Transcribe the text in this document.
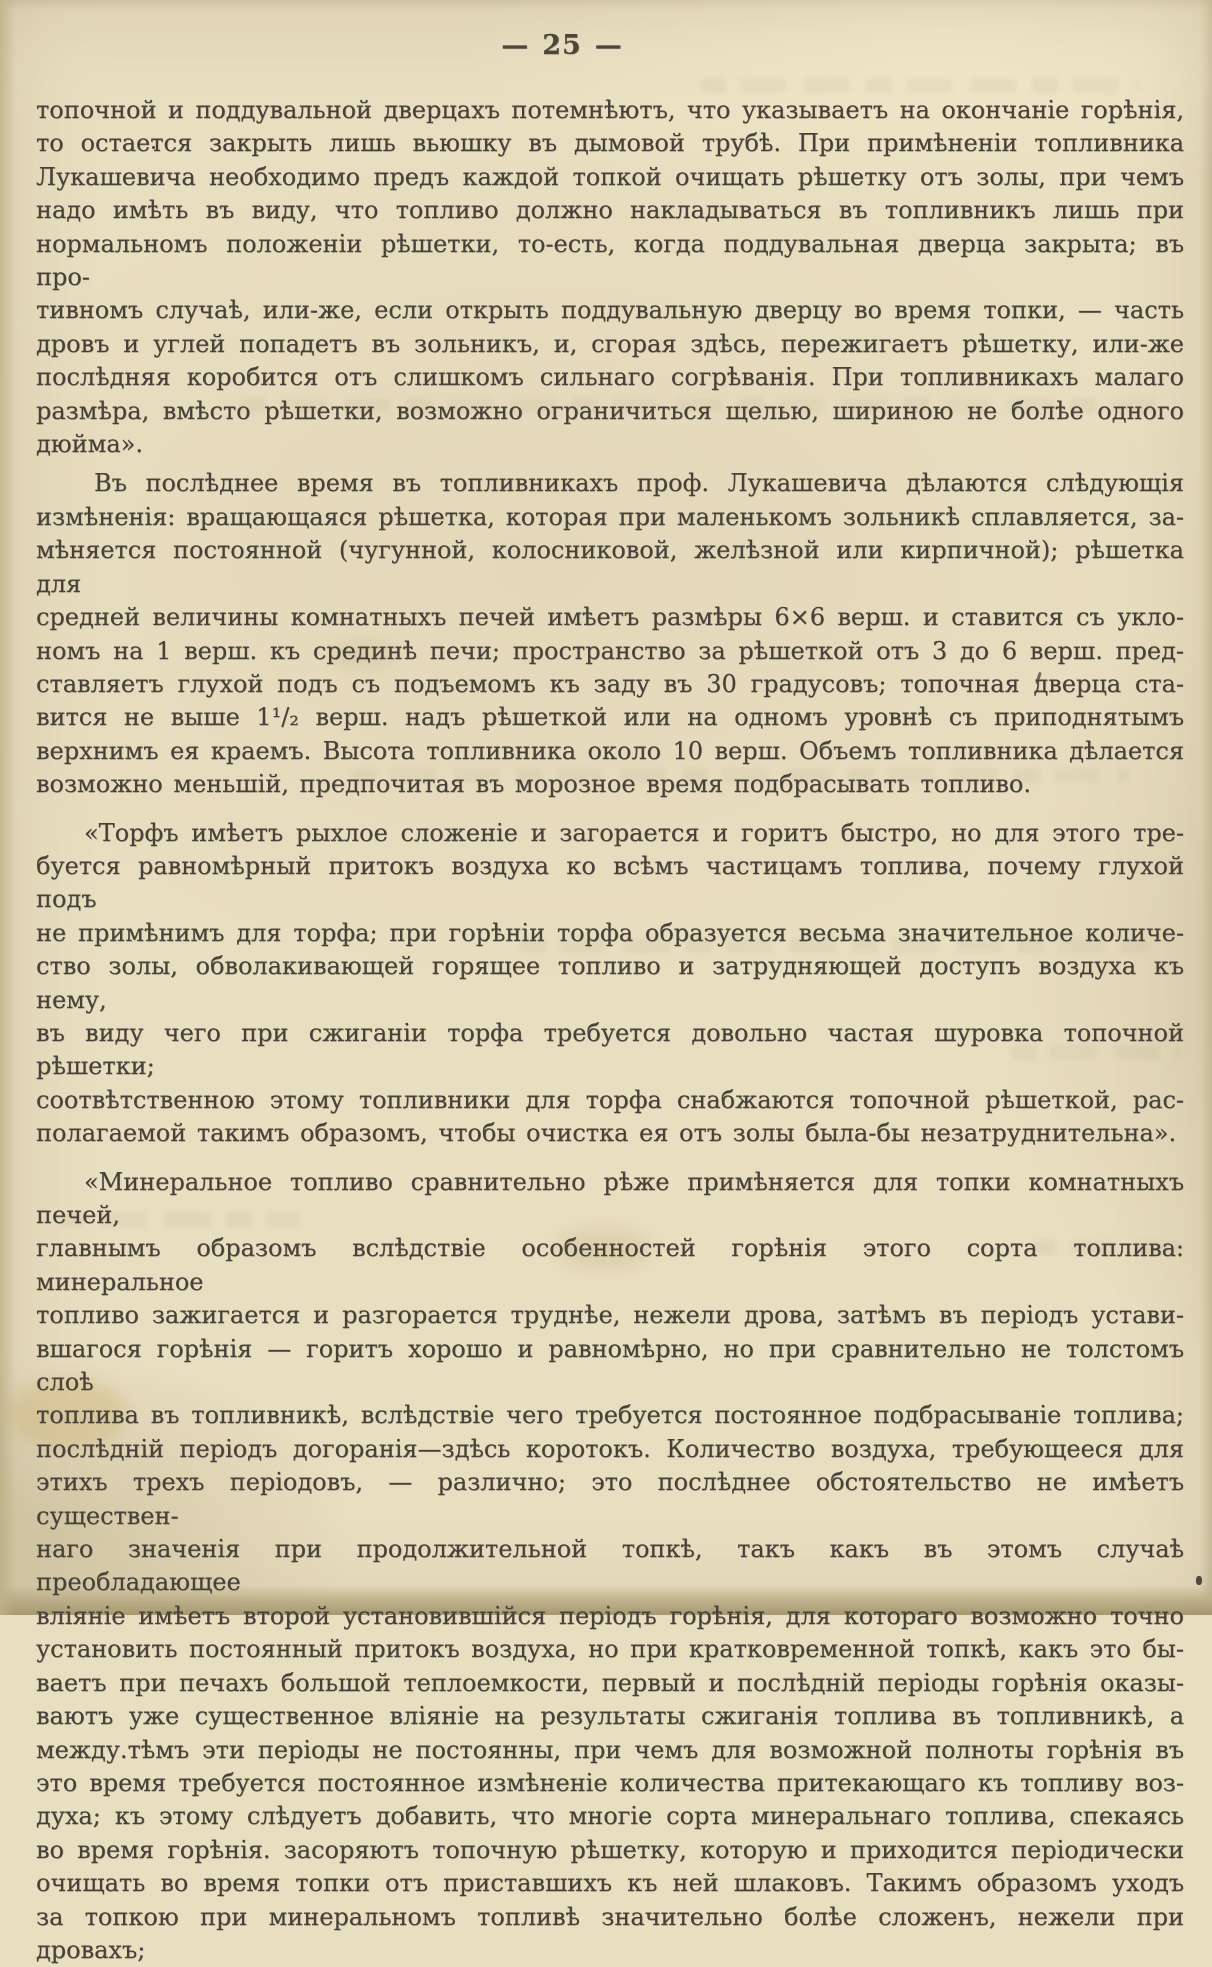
— 25 —
топочной и поддувальной дверцахъ потемнѣютъ, что указываетъ на окончаніе горѣнія,
то остается закрыть лишь вьюшку въ дымовой трубѣ. При примѣненіи топливника
Лукашевича необходимо предъ каждой топкой очищать рѣшетку отъ золы, при чемъ
надо имѣть въ виду, что топливо должно накладываться въ топливникъ лишь при
нормальномъ положеніи рѣшетки, то-есть, когда поддувальная дверца закрыта; въ про-
тивномъ случаѣ, или-же, если открыть поддувальную дверцу во время топки, — часть
дровъ и углей попадетъ въ зольникъ, и, сгорая здѣсь, пережигаетъ рѣшетку, или-же
послѣдняя коробится отъ слишкомъ сильнаго согрѣванія. При топливникахъ малаго
размѣра, вмѣсто рѣшетки, возможно ограничиться щелью, шириною не болѣе одного
дюйма».
Въ послѣднее время въ топливникахъ проф. Лукашевича дѣлаются слѣдующія
измѣненія: вращающаяся рѣшетка, которая при маленькомъ зольникѣ сплавляется, за-
мѣняется постоянной (чугунной, колосниковой, желѣзной или кирпичной); рѣшетка для
средней величины комнатныхъ печей имѣетъ размѣры 6×6 верш. и ставится съ укло-
номъ на 1 верш. къ срединѣ печи; пространство за рѣшеткой отъ 3 до 6 верш. пред-
ставляетъ глухой подъ съ подъемомъ къ заду въ 30 градусовъ; топочная дверца ста-
вится не выше 1¹/₂ верш. надъ рѣшеткой или на одномъ уровнѣ съ приподнятымъ
верхнимъ ея краемъ. Высота топливника около 10 верш. Объемъ топливника дѣлается
возможно меньшій, предпочитая въ морозное время подбрасывать топливо.
«Торфъ имѣетъ рыхлое сложеніе и загорается и горитъ быстро, но для этого тре-
буется равномѣрный притокъ воздуха ко всѣмъ частицамъ топлива, почему глухой подъ
не примѣнимъ для торфа; при горѣніи торфа образуется весьма значительное количе-
ство золы, обволакивающей горящее топливо и затрудняющей доступъ воздуха къ нему,
въ виду чего при сжиганіи торфа требуется довольно частая шуровка топочной рѣшетки;
соотвѣтственною этому топливники для торфа снабжаются топочной рѣшеткой, рас-
полагаемой такимъ образомъ, чтобы очистка ея отъ золы была-бы незатруднительна».
«Минеральное топливо сравнительно рѣже примѣняется для топки комнатныхъ печей,
главнымъ образомъ вслѣдствіе особенностей горѣнія этого сорта топлива: минеральное
топливо зажигается и разгорается труднѣе, нежели дрова, затѣмъ въ періодъ устави-
вшагося горѣнія — горитъ хорошо и равномѣрно, но при сравнительно не толстомъ слоѣ
топлива въ топливникѣ, вслѣдствіе чего требуется постоянное подбрасываніе топлива;
послѣдній періодъ догоранія—здѣсь коротокъ. Количество воздуха, требующееся для
этихъ трехъ періодовъ, — различно; это послѣднее обстоятельство не имѣетъ существен-
наго значенія при продолжительной топкѣ, такъ какъ въ этомъ случаѣ преобладающее
вліяніе имѣетъ второй установившійся періодъ горѣнія, для котораго возможно точно
установить постоянный притокъ воздуха, но при кратковременной топкѣ, какъ это бы-
ваетъ при печахъ большой теплоемкости, первый и послѣдній періоды горѣнія оказы-
ваютъ уже существенное вліяніе на результаты сжиганія топлива въ топливникѣ, а
между.тѣмъ эти періоды не постоянны, при чемъ для возможной полноты горѣнія въ
это время требуется постоянное измѣненіе количества притекающаго къ топливу воз-
духа; къ этому слѣдуетъ добавить, что многіе сорта минеральнаго топлива, спекаясь
во время горѣнія. засоряютъ топочную рѣшетку, которую и приходится періодически
очищать во время топки отъ приставшихъ къ ней шлаковъ. Такимъ образомъ уходъ
за топкою при минеральномъ топливѣ значительно болѣе сложенъ, нежели при дровахъ;
